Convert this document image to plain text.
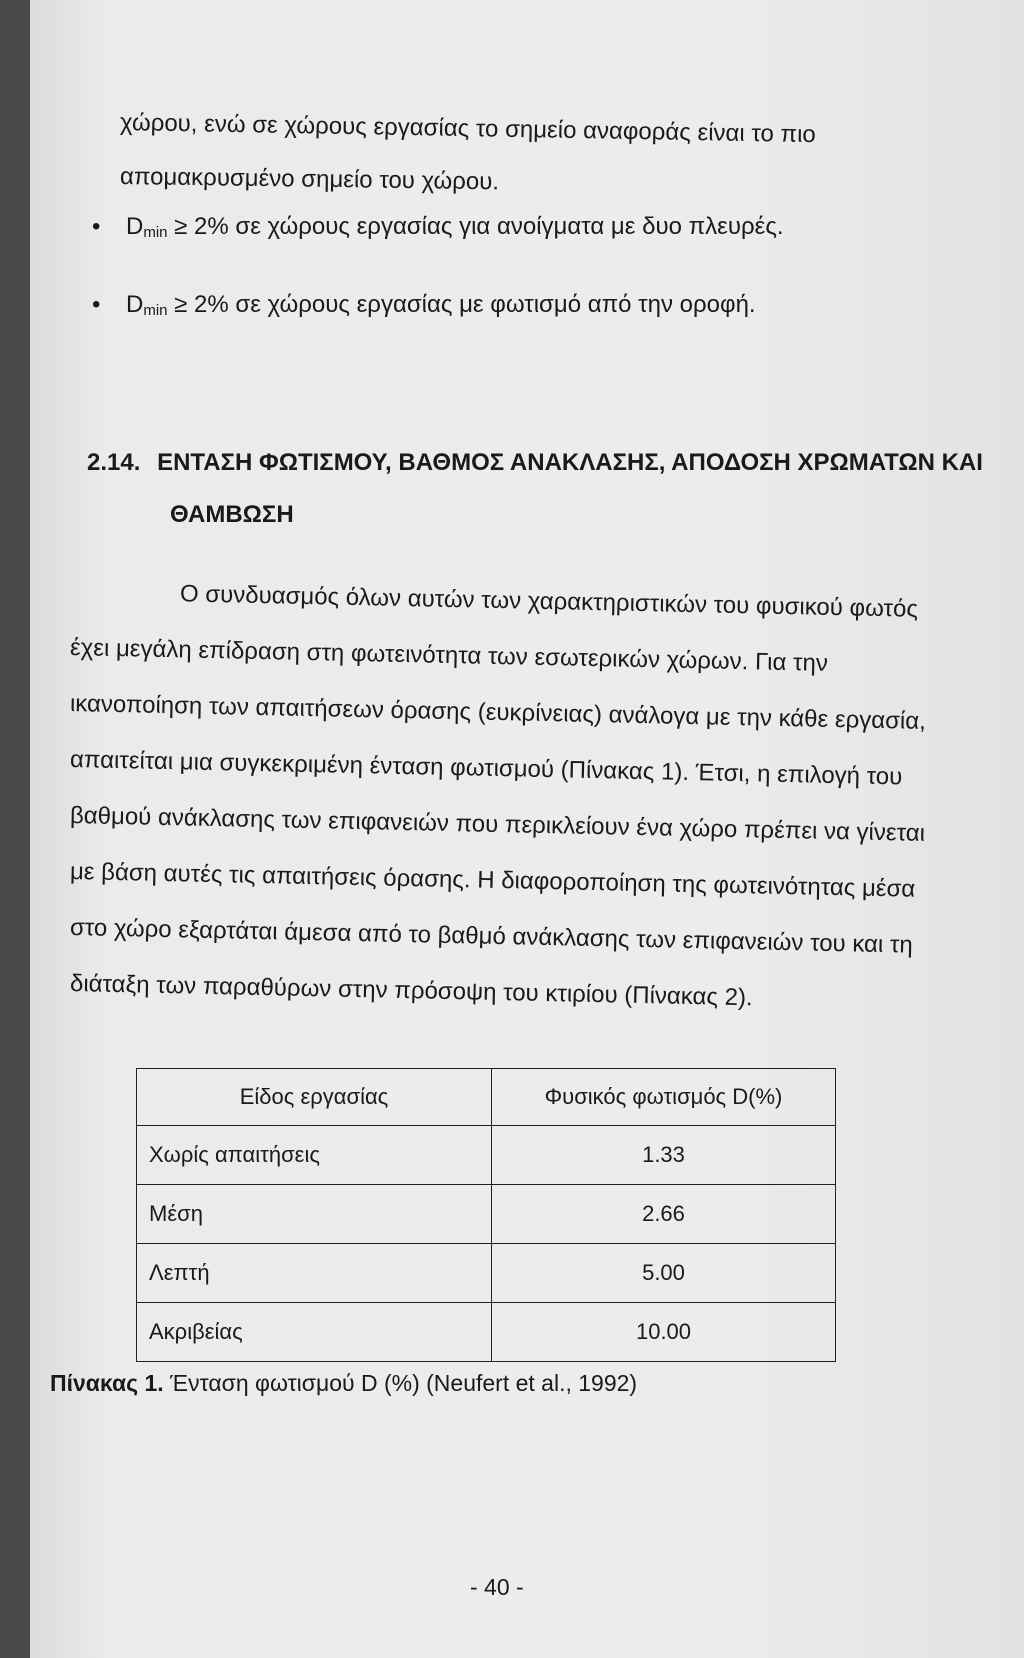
χώρου, ενώ σε χώρους εργασίας το σημείο αναφοράς είναι το πιο
απομακρυσμένο σημείο του χώρου.
• $D_{min} \ge 2\%$ σε χώρους εργασίας για ανοίγματα με δυο πλευρές.
• $D_{min} \ge 2\%$ σε χώρους εργασίας με φωτισμό από την οροφή.
2.14. ΕΝΤΑΣΗ ΦΩΤΙΣΜΟΥ, ΒΑΘΜΟΣ ΑΝΑΚΛΑΣΗΣ, ΑΠΟΔΟΣΗ ΧΡΩΜΑΤΩΝ ΚΑΙ
ΘΑΜΒΩΣΗ
Ο συνδυασμός όλων αυτών των χαρακτηριστικών του φυσικού φωτός
έχει μεγάλη επίδραση στη φωτεινότητα των εσωτερικών χώρων. Για την
ικανοποίηση των απαιτήσεων όρασης (ευκρίνειας) ανάλογα με την κάθε εργασία,
απαιτείται μια συγκεκριμένη ένταση φωτισμού (Πίνακας 1). Έτσι, η επιλογή του
βαθμού ανάκλασης των επιφανειών που περικλείουν ένα χώρο πρέπει να γίνεται
με βάση αυτές τις απαιτήσεις όρασης. Η διαφοροποίηση της φωτεινότητας μέσα
στο χώρο εξαρτάται άμεσα από το βαθμό ανάκλασης των επιφανειών του και τη
διάταξη των παραθύρων στην πρόσοψη του κτιρίου (Πίνακας 2).
Είδος εργασίας	Φυσικός φωτισμός D(%)
Χωρίς απαιτήσεις	1.33
Μέση	2.66
Λεπτή	5.00
Ακριβείας	10.00
Πίνακας 1. Ένταση φωτισμού D (%) (Neufert et al., 1992)
- 40 -
